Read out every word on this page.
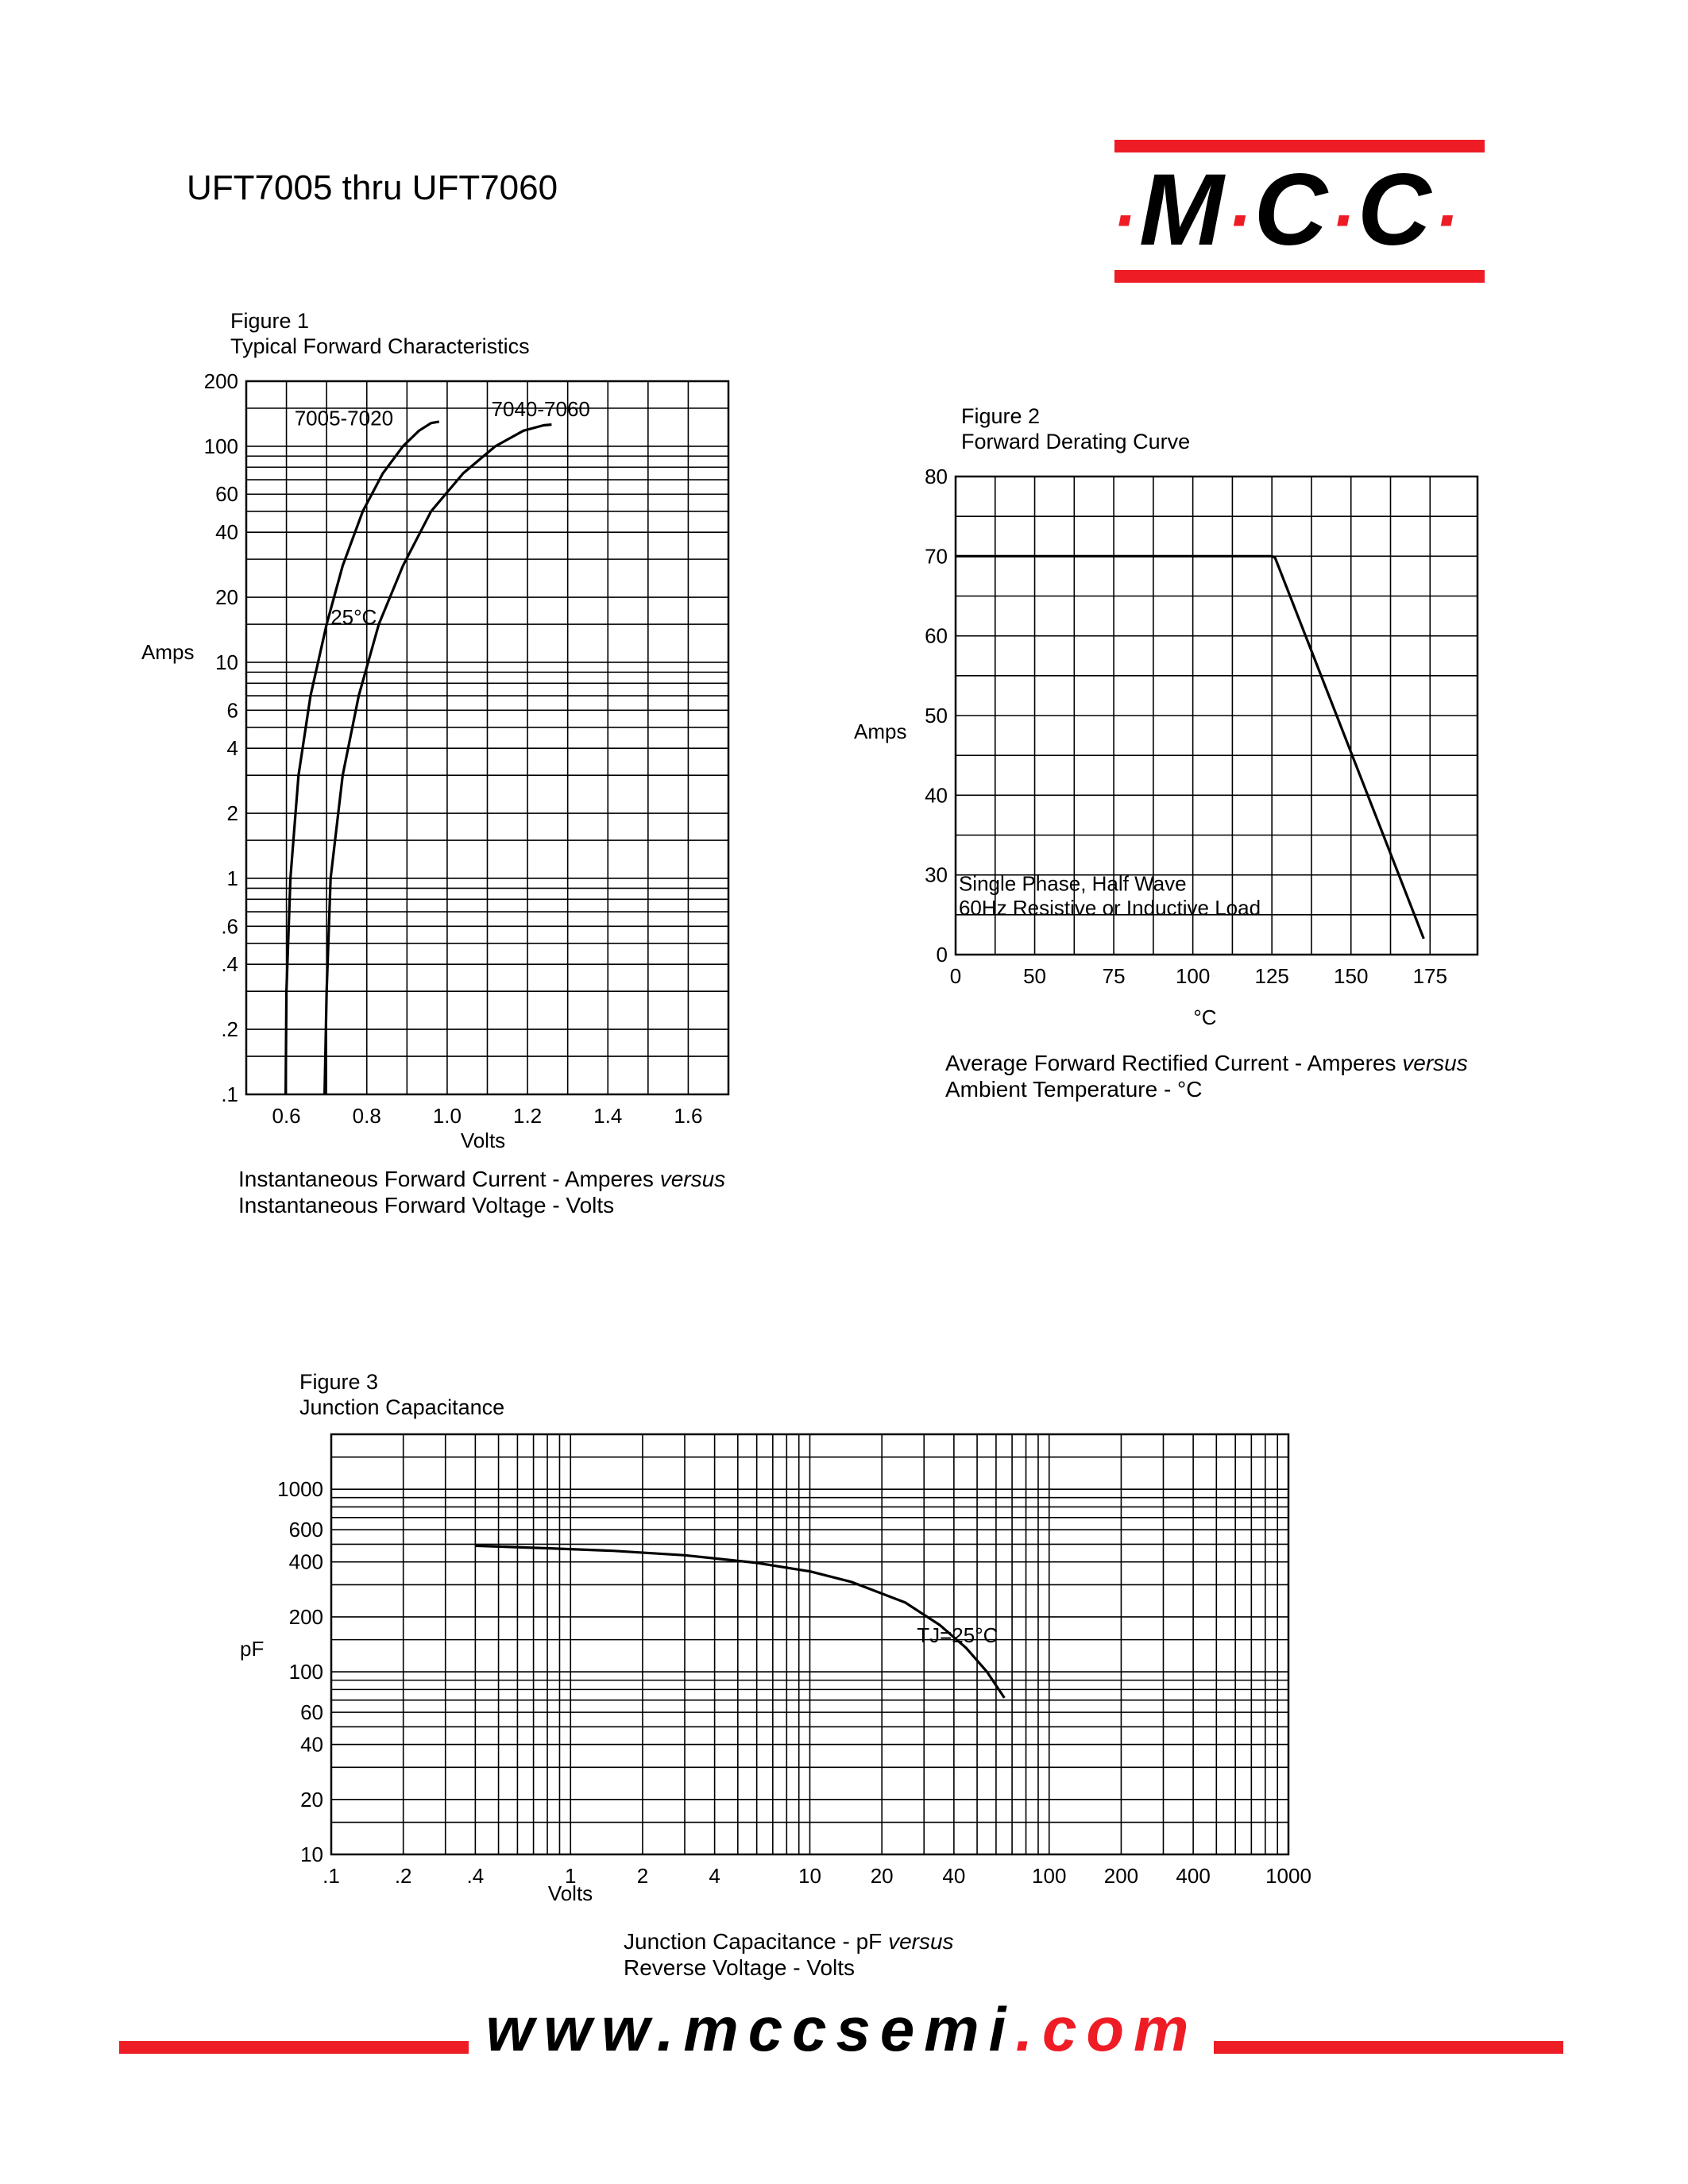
UFT7005 thru UFT7060	·M·C·C·
Figure 1
Typical Forward Characteristics
Instantaneous Forward Current - Amperes versus
Instantaneous Forward Voltage - Volts
Figure 2
Forward Derating Curve
Average Forward Rectified Current - Amperes versus
Ambient Temperature - °C
Figure 3
Junction Capacitance
Junction Capacitance - pF versus
Reverse Voltage - Volts
0.6	0.8	1.0	1.2	1.4	1.6
200
100
60
40
20
10
6
4
2
1
.6
.4
.2
.1
Amps
Volts
7005-7020	7040-7060
25°C
0	50	75 100 125 150 175
0
30
40
50
60
70
80
Amps
°C
Single Phase, Half Wave
60Hz Resistive or Inductive Load
.1	.2	.4	1	2	4	10 20 40	100 200 400	1000
1000
600
400
200
100
60
40
20
10
pF
Volts
TJ=25°C
www.mccsemi.com
